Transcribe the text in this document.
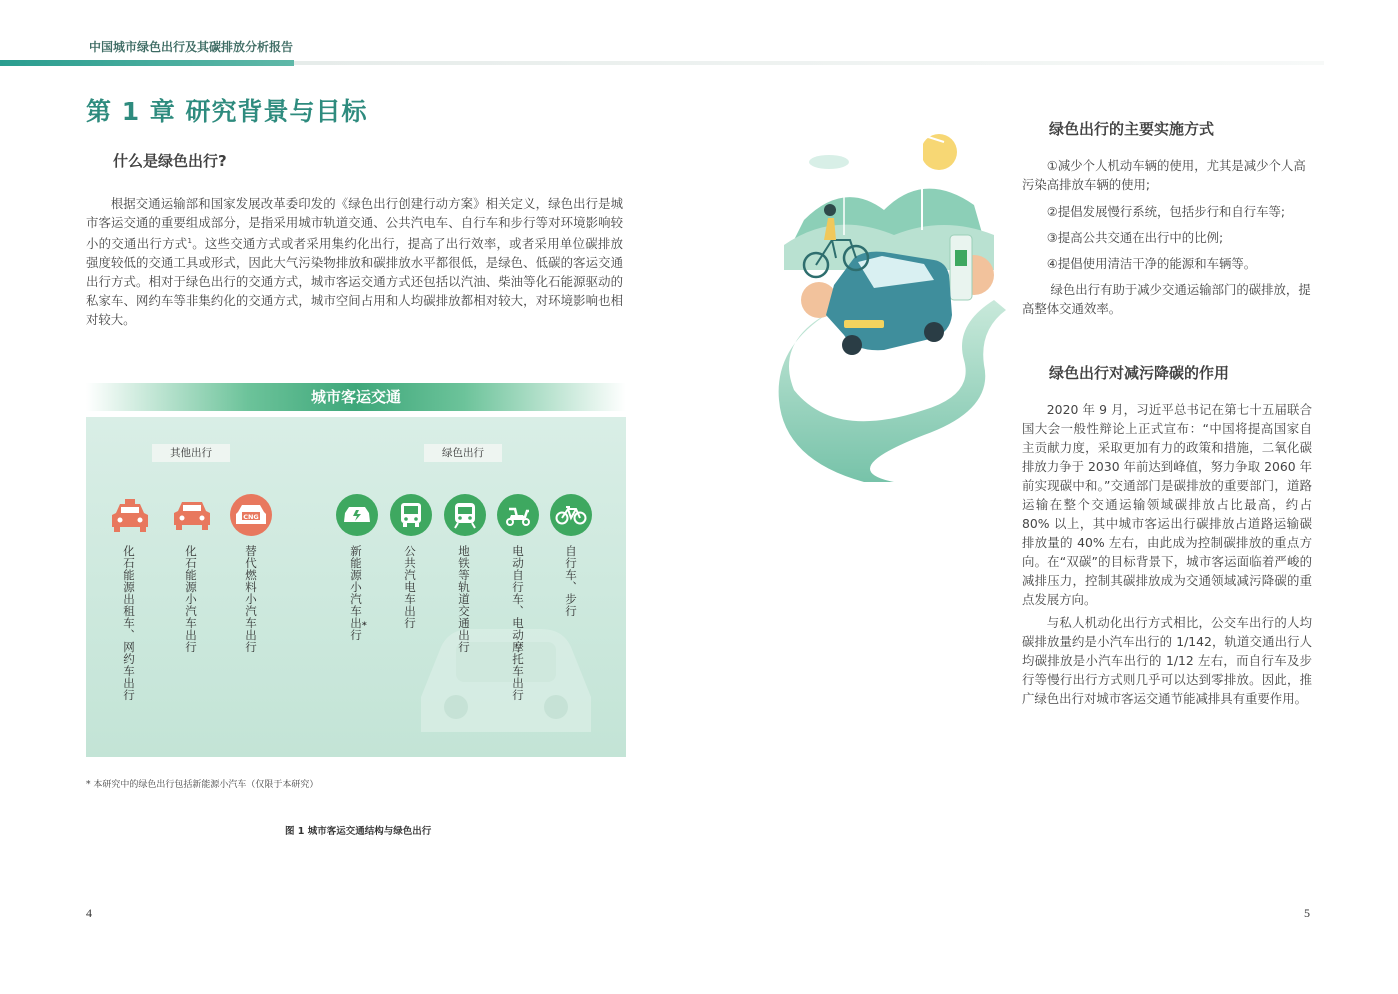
中国城市绿色出行及其碳排放分析报告
第 1 章 研究背景与目标
什么是绿色出行?
根据交通运输部和国家发展改革委印发的《绿色出行创建行动方案》相关定义，绿色出行是城市客运交通的重要组成部分，是指采用城市轨道交通、公共汽电车、自行车和步行等对环境影响较小的交通出行方式$^1$。这些交通方式或者采用集约化出行，提高了出行效率，或者采用单位碳排放强度较低的交通工具或形式，因此大气污染物排放和碳排放水平都很低，是绿色、低碳的客运交通出行方式。相对于绿色出行的交通方式，城市客运交通方式还包括以汽油、柴油等化石能源驱动的私家车、网约车等非集约化的交通方式，城市空间占用和人均碳排放都相对较大，对环境影响也相对较大。
城市客运交通
其他出行	绿色出行
CNG
化石能源出租车、网约车出行	化石能源小汽车出行	替代燃料小汽车出行	新能源小汽车出行 *	公共汽电车出行	地铁等轨道交通出行	电动自行车、电动摩托车出行	自行车、步行
* 本研究中的绿色出行包括新能源小汽车（仅限于本研究）
图 1 城市客运交通结构与绿色出行
绿色出行的主要实施方式
①减少个人机动车辆的使用，尤其是减少个人高污染高排放车辆的使用;
②提倡发展慢行系统，包括步行和自行车等;
③提高公共交通在出行中的比例;
④提倡使用清洁干净的能源和车辆等。
绿色出行有助于减少交通运输部门的碳排放，提高整体交通效率。
绿色出行对减污降碳的作用
2020 年 9 月，习近平总书记在第七十五届联合国大会一般性辩论上正式宣布：“中国将提高国家自主贡献力度，采取更加有力的政策和措施，二氧化碳排放力争于 2030 年前达到峰值，努力争取 2060 年前实现碳中和。”交通部门是碳排放的重要部门，道路运输在整个交通运输领域碳排放占比最高，约占 80% 以上，其中城市客运出行碳排放占道路运输碳排放量的 40% 左右，由此成为控制碳排放的重点方向。在“双碳”的目标背景下，城市客运面临着严峻的减排压力，控制其碳排放成为交通领域减污降碳的重点发展方向。
与私人机动化出行方式相比，公交车出行的人均碳排放量约是小汽车出行的 1/142，轨道交通出行人均碳排放是小汽车出行的 1/12 左右，而自行车及步行等慢行出行方式则几乎可以达到零排放。因此，推广绿色出行对城市客运交通节能减排具有重要作用。
4	5
